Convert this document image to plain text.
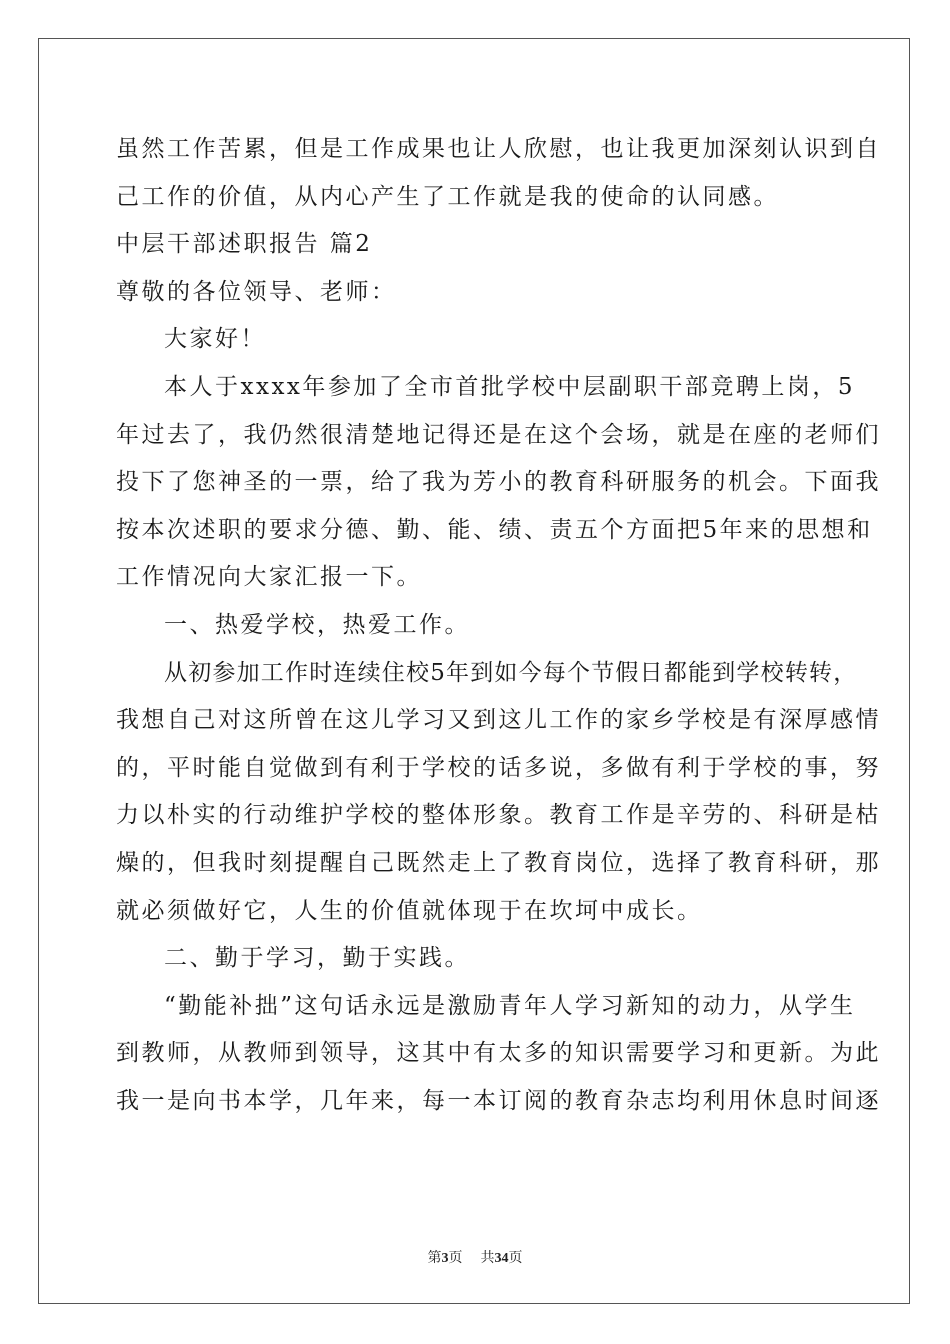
虽然工作苦累，但是工作成果也让人欣慰，也让我更加深刻认识到自
己工作的价值，从内心产生了工作就是我的使命的认同感。
中层干部述职报告 篇2
尊敬的各位领导、老师：
大家好！
本人于xxxx年参加了全市首批学校中层副职干部竞聘上岗，5
年过去了，我仍然很清楚地记得还是在这个会场，就是在座的老师们
投下了您神圣的一票，给了我为芳小的教育科研服务的机会。下面我
按本次述职的要求分德、勤、能、绩、责五个方面把5年来的思想和
工作情况向大家汇报一下。
一、热爱学校，热爱工作。
从初参加工作时连续住校5年到如今每个节假日都能到学校转转，
我想自己对这所曾在这儿学习又到这儿工作的家乡学校是有深厚感情
的，平时能自觉做到有利于学校的话多说，多做有利于学校的事，努
力以朴实的行动维护学校的整体形象。教育工作是辛劳的、科研是枯
燥的，但我时刻提醒自己既然走上了教育岗位，选择了教育科研，那
就必须做好它，人生的价值就体现于在坎坷中成长。
二、勤于学习，勤于实践。
“勤能补拙”这句话永远是激励青年人学习新知的动力，从学生
到教师，从教师到领导，这其中有太多的知识需要学习和更新。为此
我一是向书本学，几年来，每一本订阅的教育杂志均利用休息时间逐
第3页 共34页
